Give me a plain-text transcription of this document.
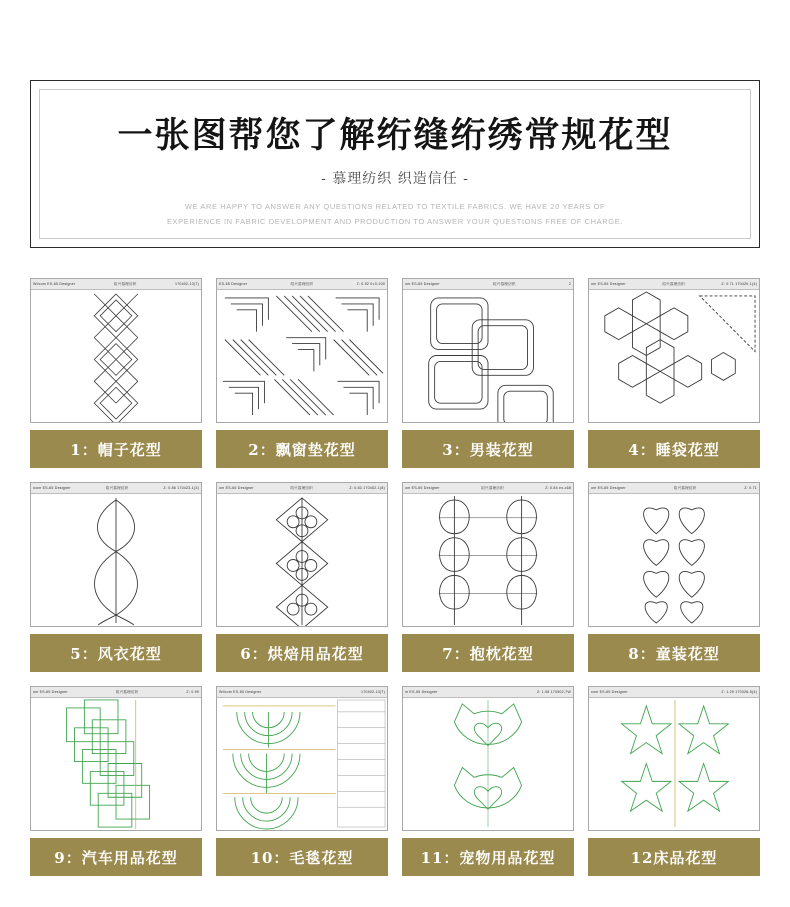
一张图帮您了解绗缝绗绣常规花型
- 慕理纺织 织造信任 -
WE ARE HAPPY TO ANSWER ANY QUESTIONS RELATED TO TEXTILE FABRICS. WE HAVE 20 YEARS OF
EXPERIENCE IN FABRIC DEVELOPMENT AND PRODUCTION TO ANSWER YOUR QUESTIONS FREE OF CHARGE.
Wilcom ES-65 Designer	绍兴慕理纺织	170402-13(7)
1：帽子花型
ES-65 Designer	绍兴慕理纺织	Z: 0.92 0<0-100
2：飘窗垫花型
om ES-65 Designer	绍兴慕理纺织	2
3：男装花型
om ES-65 Designer	绍兴慕理纺织	Z: 0.71 170420-1(4)
4：睡袋花型
icom ES-65 Designer	绍兴慕理纺织	Z: 0.86 170423-1(3)
5：风衣花型
om ES-65 Designer	绍兴慕理纺织	Z: 0.83 170402-1(8)
6：烘焙用品花型
om ES-65 Designer	绍兴慕理纺织	Z: 0.84 ex-c68
7：抱枕花型
om ES-65 Designer	绍兴慕理纺织	Z: 0.71
8：童装花型
om ES-65 Designer	绍兴慕理纺织	Z: 0.99
9：汽车用品花型
Wilcom ES-65 Designer	170402-13(7)
10：毛毯花型
m ES-65 Designer	Z: 1.08 170502-7W
11：宠物用品花型
com ES-65 Designer	Z: 1.29 170326-5(4)
12床品花型
